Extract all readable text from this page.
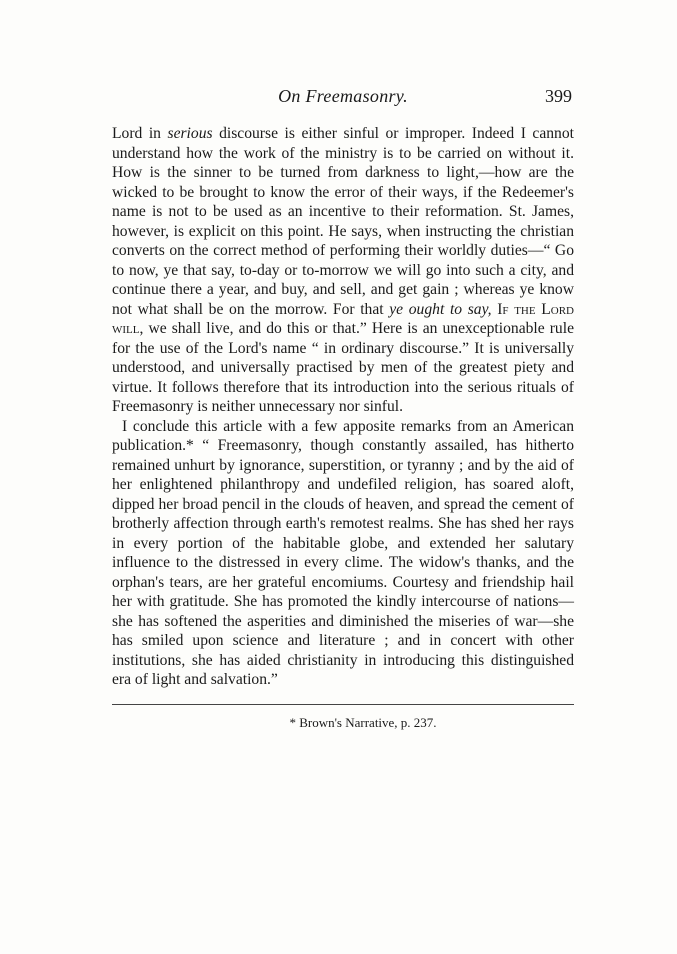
On Freemasonry.	399

Lord in serious discourse is either sinful or improper. Indeed I cannot understand how the work of the ministry is to be carried on without it. How is the sinner to be turned from darkness to light,—how are the wicked to be brought to know the error of their ways, if the Redeemer's name is not to be used as an incentive to their reformation. St. James, however, is explicit on this point. He says, when instructing the christian converts on the correct method of performing their worldly duties—“ Go to now, ye that say, to-day or to-morrow we will go into such a city, and continue there a year, and buy, and sell, and get gain ; whereas ye know not what shall be on the morrow. For that ye ought to say, If the Lord will, we shall live, and do this or that.” Here is an unexceptionable rule for the use of the Lord's name “ in ordinary discourse.” It is universally understood, and universally practised by men of the greatest piety and virtue. It follows therefore that its introduction into the serious rituals of Freemasonry is neither unnecessary nor sinful.

I conclude this article with a few apposite remarks from an American publication.* “ Freemasonry, though constantly assailed, has hitherto remained unhurt by ignorance, superstition, or tyranny ; and by the aid of her enlightened philanthropy and undefiled religion, has soared aloft, dipped her broad pencil in the clouds of heaven, and spread the cement of brotherly affection through earth's remotest realms. She has shed her rays in every portion of the habitable globe, and extended her salutary influence to the distressed in every clime. The widow's thanks, and the orphan's tears, are her grateful encomiums. Courtesy and friendship hail her with gratitude. She has promoted the kindly intercourse of nations—she has softened the asperities and diminished the miseries of war—she has smiled upon science and literature ; and in concert with other institutions, she has aided christianity in introducing this distinguished era of light and salvation.”

* Brown's Narrative, p. 237.
